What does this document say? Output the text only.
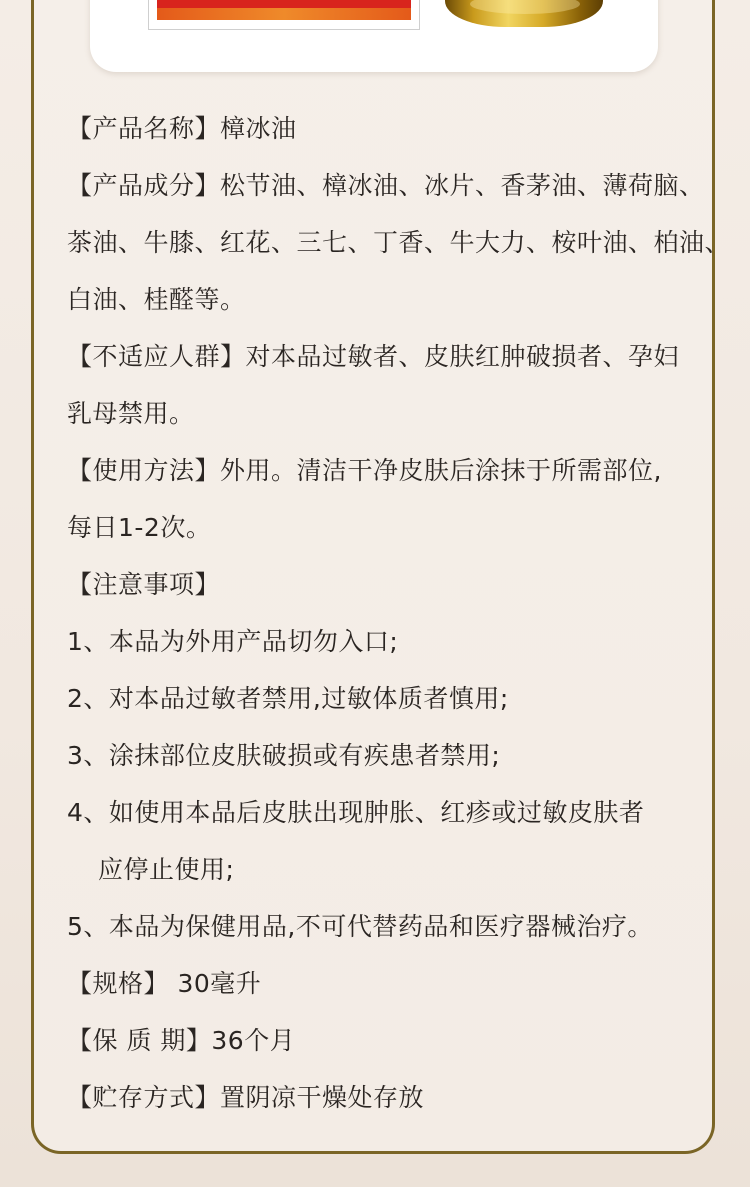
【产品名称】樟冰油
【产品成分】松节油、樟冰油、冰片、香茅油、薄荷脑、
茶油、牛膝、红花、三七、丁香、牛大力、桉叶油、柏油、
白油、桂醛等。
【不适应人群】对本品过敏者、皮肤红肿破损者、孕妇
乳母禁用。
【使用方法】外用。清洁干净皮肤后涂抹于所需部位,
每日1-2次。
【注意事项】
1、本品为外用产品切勿入口;
2、对本品过敏者禁用,过敏体质者慎用;
3、涂抹部位皮肤破损或有疾患者禁用;
4、如使用本品后皮肤出现肿胀、红疹或过敏皮肤者
应停止使用;
5、本品为保健用品,不可代替药品和医疗器械治疗。
【规格】 30毫升
【保 质 期】36个月
【贮存方式】置阴凉干燥处存放
